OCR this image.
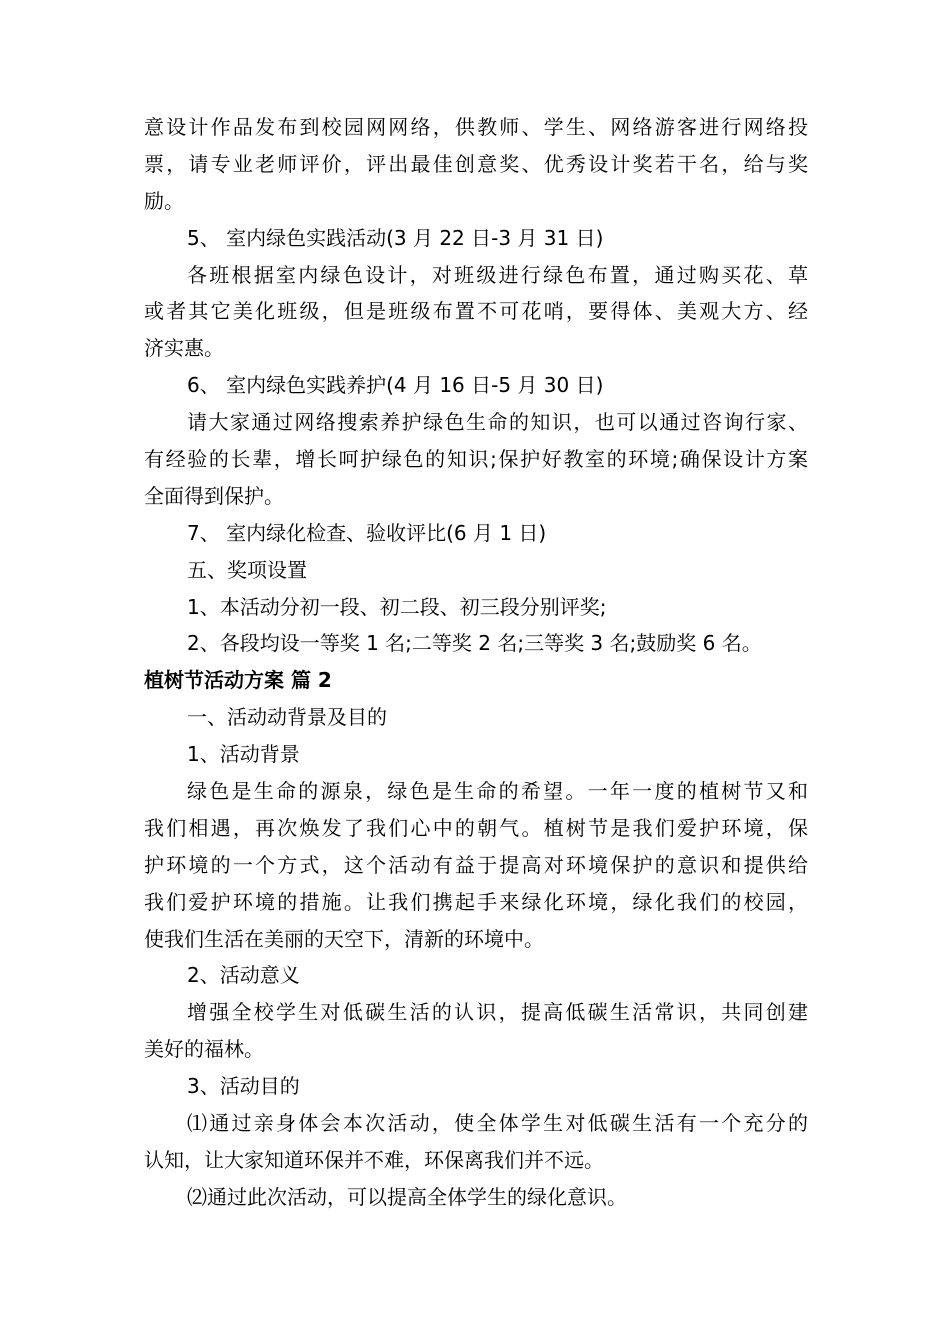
意设计作品发布到校园网网络，供教师、学生、网络游客进行网络投
票，请专业老师评价，评出最佳创意奖、优秀设计奖若干名，给与奖
励。
5、 室内绿色实践活动(3 月 22 日-3 月 31 日)
各班根据室内绿色设计，对班级进行绿色布置，通过购买花、草
或者其它美化班级，但是班级布置不可花哨，要得体、美观大方、经
济实惠。
6、 室内绿色实践养护(4 月 16 日-5 月 30 日)
请大家通过网络搜索养护绿色生命的知识，也可以通过咨询行家、
有经验的长辈，增长呵护绿色的知识;保护好教室的环境;确保设计方案
全面得到保护。
7、 室内绿化检查、验收评比(6 月 1 日)
五、奖项设置
1、本活动分初一段、初二段、初三段分别评奖;
2、各段均设一等奖 1 名;二等奖 2 名;三等奖 3 名;鼓励奖 6 名。
植树节活动方案 篇 2
一、活动动背景及目的
1、活动背景
绿色是生命的源泉，绿色是生命的希望。一年一度的植树节又和
我们相遇，再次焕发了我们心中的朝气。植树节是我们爱护环境，保
护环境的一个方式，这个活动有益于提高对环境保护的意识和提供给
我们爱护环境的措施。让我们携起手来绿化环境，绿化我们的校园，
使我们生活在美丽的天空下，清新的环境中。
2、活动意义
增强全校学生对低碳生活的认识，提高低碳生活常识，共同创建
美好的福林。
3、活动目的
⑴通过亲身体会本次活动，使全体学生对低碳生活有一个充分的
认知，让大家知道环保并不难，环保离我们并不远。
⑵通过此次活动，可以提高全体学生的绿化意识。
